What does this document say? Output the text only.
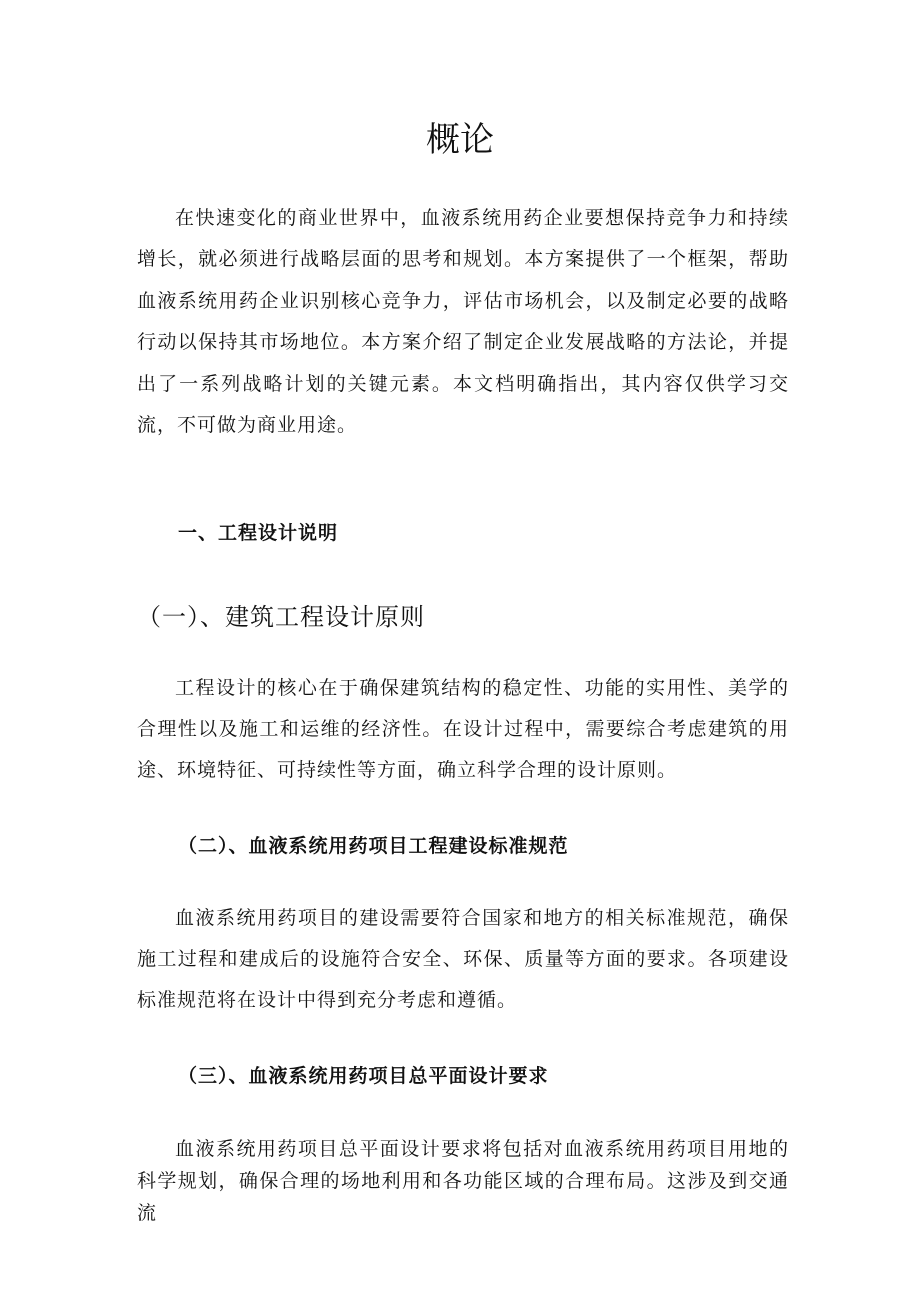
概论

在快速变化的商业世界中，血液系统用药企业要想保持竞争力和持续增长，就必须进行战略层面的思考和规划。本方案提供了一个框架，帮助血液系统用药企业识别核心竞争力，评估市场机会，以及制定必要的战略行动以保持其市场地位。本方案介绍了制定企业发展战略的方法论，并提出了一系列战略计划的关键元素。本文档明确指出，其内容仅供学习交流，不可做为商业用途。

一、工程设计说明
（一）、建筑工程设计原则

工程设计的核心在于确保建筑结构的稳定性、功能的实用性、美学的合理性以及施工和运维的经济性。在设计过程中，需要综合考虑建筑的用途、环境特征、可持续性等方面，确立科学合理的设计原则。

（二）、血液系统用药项目工程建设标准规范

血液系统用药项目的建设需要符合国家和地方的相关标准规范，确保施工过程和建成后的设施符合安全、环保、质量等方面的要求。各项建设标准规范将在设计中得到充分考虑和遵循。

（三）、血液系统用药项目总平面设计要求

血液系统用药项目总平面设计要求将包括对血液系统用药项目用地的科学规划，确保合理的场地利用和各功能区域的合理布局。这涉及到交通流
